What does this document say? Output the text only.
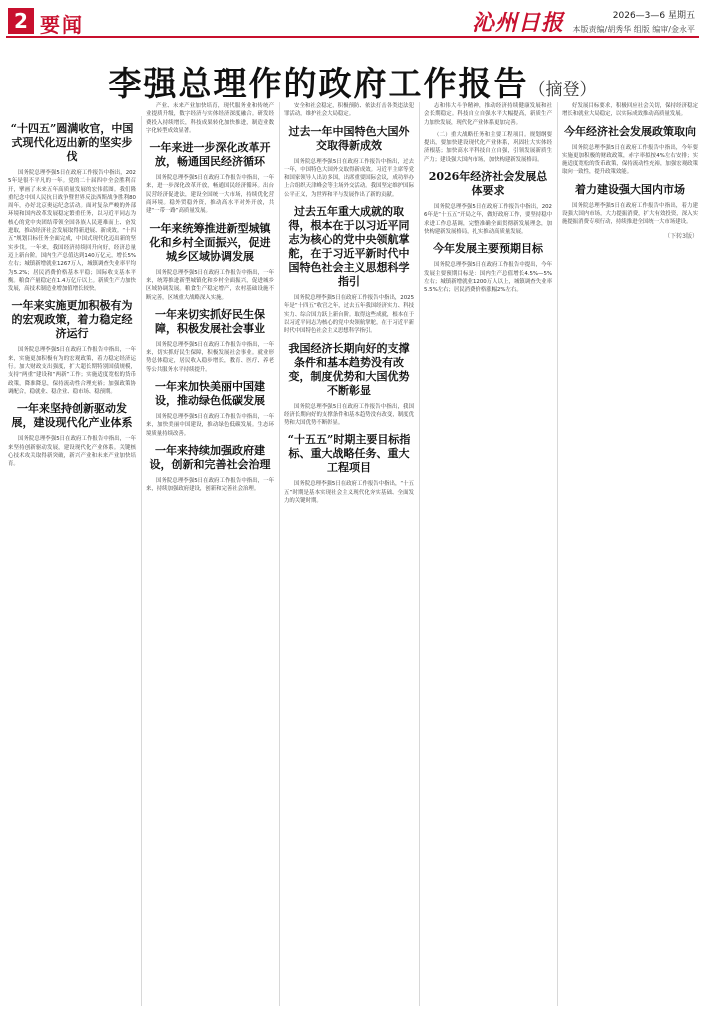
2 要闻	沁州日报	2026—3—6 星期五
本版责编/胡秀华 组版 编审/金永平
李强总理作的政府工作报告（摘登）
“十四五”圆满收官，中国式现代化迈出新的坚实步伐
国务院总理李强5日在政府工作报告中指出，2025年是很不平凡的一年。党的二十届四中全会胜利召开，擘画了未来五年高质量发展的宏伟蓝图。我们隆重纪念中国人民抗日战争暨世界反法西斯战争胜利80周年，办好北京奥运纪念活动。面对复杂严峻的外部环境和国内改革发展稳定繁重任务，以习近平同志为核心的党中央团结带领全国各族人民迎难而上、奋发进取，推动经济社会发展取得新进展、新成效。“十四五”规划目标任务全面完成，中国式现代化迈出新的坚实步伐。一年来，我国经济持续回升向好，经济总量迈上新台阶。国内生产总值达到140万亿元，增长5%左右；城镇新增就业1267万人，城镇调查失业率平均为5.2%；居民消费价格基本平稳；国际收支基本平衡。粮食产量稳定在1.4万亿斤以上。新质生产力加快发展，高技术制造业增加值增长较快。
一年来实施更加积极有为的宏观政策，着力稳定经济运行
国务院总理李强5日在政府工作报告中指出，一年来，实施更加积极有为的宏观政策，着力稳定经济运行。加大财政支出强度，扩大超长期特别国债规模，支持“两重”建设和“两新”工作；实施适度宽松的货币政策，降准降息，保持流动性合理充裕；加强政策协调配合，稳就业、稳企业、稳市场、稳预期。
一年来坚持创新驱动发展，建设现代化产业体系
国务院总理李强5日在政府工作报告中指出，一年来坚持创新驱动发展，建设现代化产业体系。关键核心技术攻关取得新突破，新兴产业和未来产业加快培育。
产业、未来产业加快培育，现代服务业和传统产业提质升级，数字经济与实体经济深度融合。研发经费投入持续增长，科技成果转化加快推进，制造业数字化转型成效显著。
一年来进一步深化改革开放，畅通国民经济循环
国务院总理李强5日在政府工作报告中指出，一年来，进一步深化改革开放，畅通国民经济循环。出台民营经济促进法，建设全国统一大市场，持续优化营商环境。稳外贸稳外资，推动高水平对外开放，共建“一带一路”高质量发展。
一年来统筹推进新型城镇化和乡村全面振兴，促进城乡区域协调发展
国务院总理李强5日在政府工作报告中指出，一年来，统筹推进新型城镇化和乡村全面振兴，促进城乡区域协调发展。粮食生产稳定增产，农村基础设施不断完善，区域重大战略深入实施。
一年来切实抓好民生保障，积极发展社会事业
国务院总理李强5日在政府工作报告中指出，一年来，切实抓好民生保障，积极发展社会事业。就业形势总体稳定，居民收入稳步增长，教育、医疗、养老等公共服务水平持续提升。
一年来加快美丽中国建设，推动绿色低碳发展
国务院总理李强5日在政府工作报告中指出，一年来，加快美丽中国建设，推动绿色低碳发展。生态环境质量持续改善。
一年来持续加强政府建设，创新和完善社会治理
国务院总理李强5日在政府工作报告中指出，一年来，持续加强政府建设，创新和完善社会治理。
安全和社会稳定，积极预防、依法打击各类违法犯罪活动，维护社会大局稳定。
过去一年中国特色大国外交取得新成效
国务院总理李强5日在政府工作报告中指出，过去一年，中国特色大国外交取得新成效。习近平主席等党和国家领导人出访多国，出席重要国际会议，成功举办上合组织天津峰会等主场外交活动。我国坚定维护国际公平正义，为世界和平与发展作出了新的贡献。
过去五年重大成就的取得，根本在于以习近平同志为核心的党中央领航掌舵，在于习近平新时代中国特色社会主义思想科学指引
国务院总理李强5日在政府工作报告中指出，2025年是“十四五”收官之年，过去五年我国经济实力、科技实力、综合国力跃上新台阶。取得这些成就，根本在于以习近平同志为核心的党中央领航掌舵，在于习近平新时代中国特色社会主义思想科学指引。
我国经济长期向好的支撑条件和基本趋势没有改变，制度优势和大国优势不断彰显
国务院总理李强5日在政府工作报告中指出，我国经济长期向好的支撑条件和基本趋势没有改变，制度优势和大国优势不断彰显。
“十五五”时期主要目标指标、重大战略任务、重大工程项目
国务院总理李强5日在政府工作报告中指出，“十五五”时期是基本实现社会主义现代化夯实基础、全面发力的关键时期。
志和伟大斗争精神，推动经济持续健康发展和社会长期稳定。科技自立自强水平大幅提高，新质生产力加快发展，现代化产业体系更加完善。
（二）重大战略任务和主要工程项目。规划纲要提出，要加快建设现代化产业体系，巩固壮大实体经济根基；加快高水平科技自立自强，引领发展新质生产力；建设强大国内市场，加快构建新发展格局。
2026年经济社会发展总体要求
国务院总理李强5日在政府工作报告中指出，2026年是“十五五”开局之年，做好政府工作，要坚持稳中求进工作总基调，完整准确全面贯彻新发展理念，加快构建新发展格局，扎实推动高质量发展。
今年发展主要预期目标
国务院总理李强5日在政府工作报告中提出，今年发展主要预期目标是：国内生产总值增长4.5%—5%左右；城镇新增就业1200万人以上，城镇调查失业率5.5%左右；居民消费价格涨幅2%左右。
好发展目标要求，积极回应社会关切，保持经济稳定增长和就业大局稳定，以实际成效推动高质量发展。
今年经济社会发展政策取向
国务院总理李强5日在政府工作报告中指出，今年要实施更加积极的财政政策，赤字率拟按4%左右安排；实施适度宽松的货币政策，保持流动性充裕，加强宏观政策取向一致性，提升政策效能。
着力建设强大国内市场
国务院总理李强5日在政府工作报告中指出，着力建设强大国内市场，大力提振消费，扩大有效投资，深入实施提振消费专项行动，持续推进全国统一大市场建设。
（下转3版）
